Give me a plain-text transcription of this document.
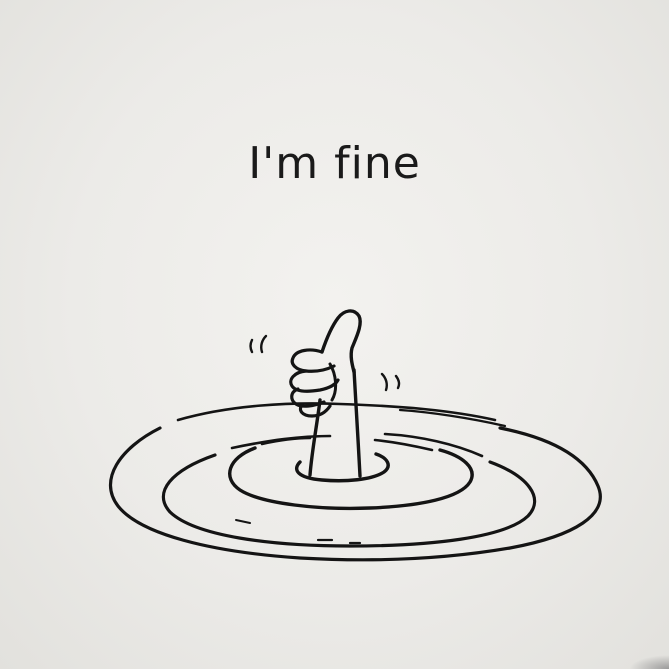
I'm fine
